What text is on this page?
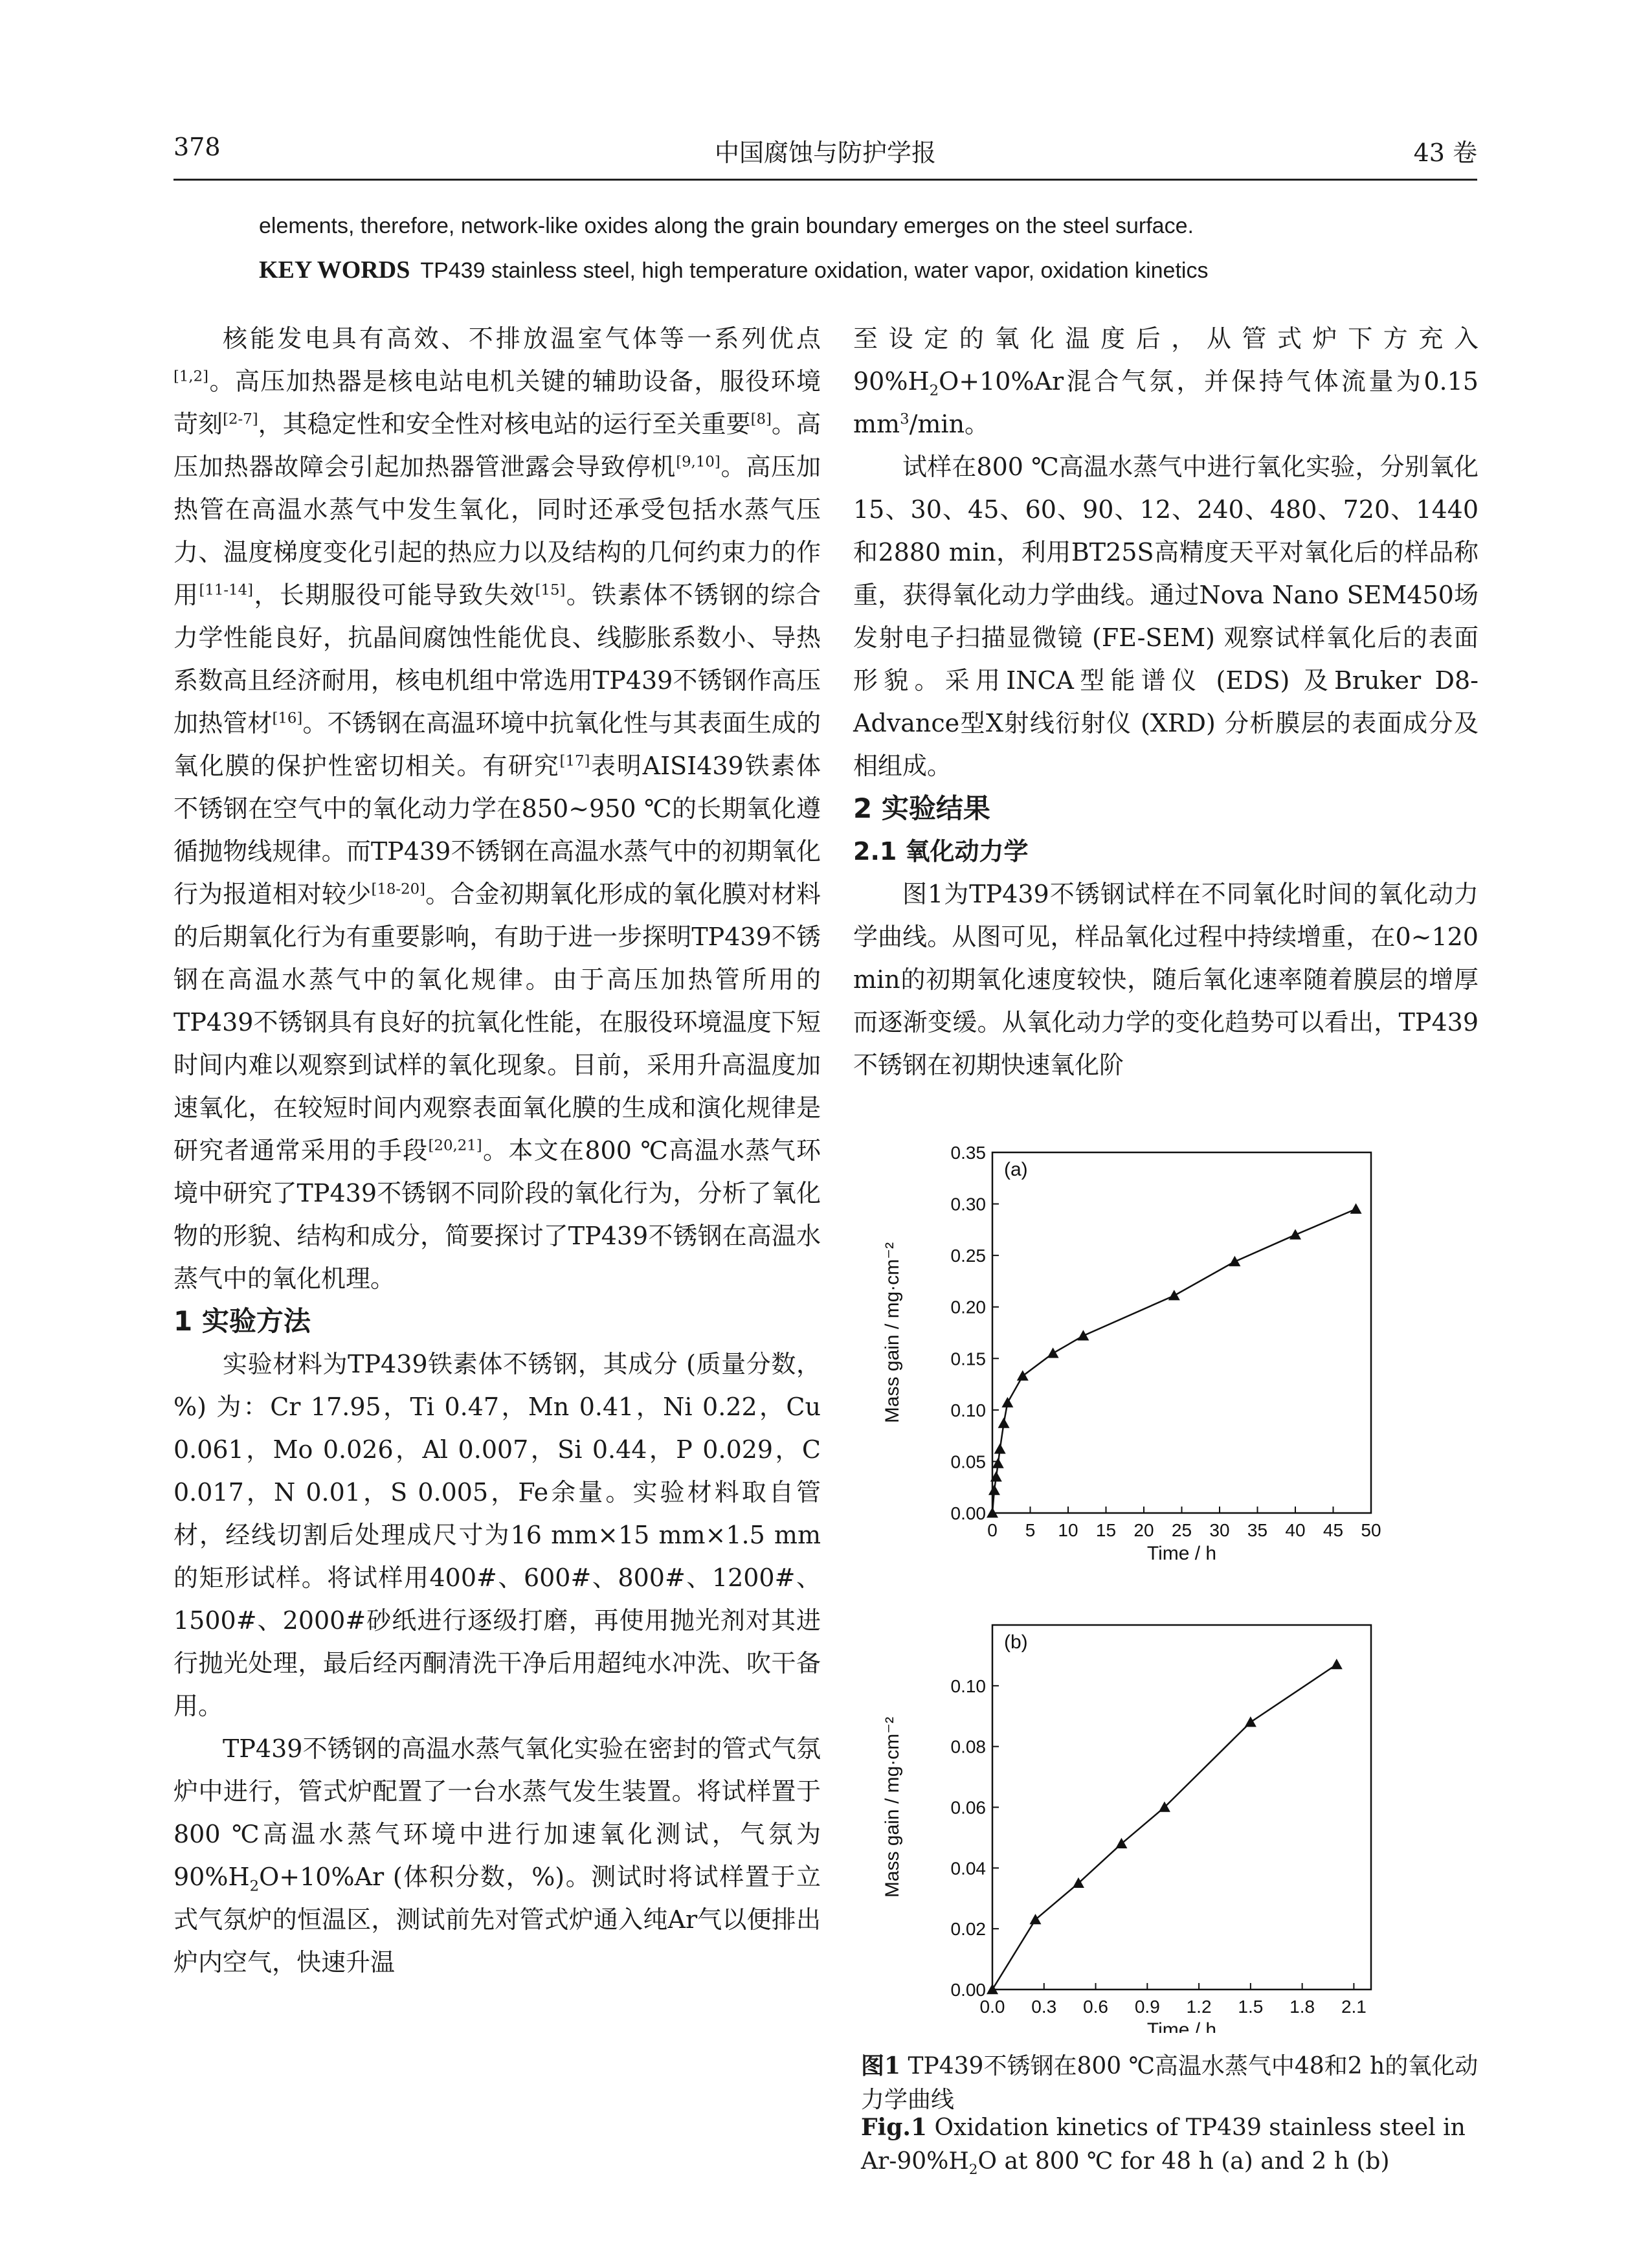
378	中国腐蚀与防护学报	43 卷
elements, therefore, network-like oxides along the grain boundary emerges on the steel surface.
KEY WORDS TP439 stainless steel, high temperature oxidation, water vapor, oxidation kinetics

核能发电具有高效、不排放温室气体等一系列优点[1,2]。高压加热器是核电站电机关键的辅助设备，服役环境苛刻[2-7]，其稳定性和安全性对核电站的运行至关重要[8]。高压加热器故障会引起加热器管泄露会导致停机[9,10]。高压加热管在高温水蒸气中发生氧化，同时还承受包括水蒸气压力、温度梯度变化引起的热应力以及结构的几何约束力的作用[11-14]，长期服役可能导致失效[15]。铁素体不锈钢的综合力学性能良好，抗晶间腐蚀性能优良、线膨胀系数小、导热系数高且经济耐用，核电机组中常选用TP439不锈钢作高压加热管材[16]。不锈钢在高温环境中抗氧化性与其表面生成的氧化膜的保护性密切相关。有研究[17]表明AISI439铁素体不锈钢在空气中的氧化动力学在850~950 ℃的长期氧化遵循抛物线规律。而TP439不锈钢在高温水蒸气中的初期氧化行为报道相对较少[18-20]。合金初期氧化形成的氧化膜对材料的后期氧化行为有重要影响，有助于进一步探明TP439不锈钢在高温水蒸气中的氧化规律。由于高压加热管所用的TP439不锈钢具有良好的抗氧化性能，在服役环境温度下短时间内难以观察到试样的氧化现象。目前，采用升高温度加速氧化，在较短时间内观察表面氧化膜的生成和演化规律是研究者通常采用的手段[20,21]。本文在800 ℃高温水蒸气环境中研究了TP439不锈钢不同阶段的氧化行为，分析了氧化物的形貌、结构和成分，简要探讨了TP439不锈钢在高温水蒸气中的氧化机理。

1 实验方法

实验材料为TP439铁素体不锈钢，其成分 (质量分数，%) 为：Cr 17.95，Ti 0.47，Mn 0.41，Ni 0.22，Cu 0.061，Mo 0.026，Al 0.007，Si 0.44，P 0.029，C 0.017，N 0.01，S 0.005，Fe余量。实验材料取自管材，经线切割后处理成尺寸为16 mm×15 mm×1.5 mm的矩形试样。将试样用400#、600#、800#、1200#、1500#、2000#砂纸进行逐级打磨，再使用抛光剂对其进行抛光处理，最后经丙酮清洗干净后用超纯水冲洗、吹干备用。

TP439不锈钢的高温水蒸气氧化实验在密封的管式气氛炉中进行，管式炉配置了一台水蒸气发生装置。将试样置于800 ℃高温水蒸气环境中进行加速氧化测试，气氛为$90\%H_2O+10\%Ar$ (体积分数，%)。测试时将试样置于立式气氛炉的恒温区，测试前先对管式炉通入纯Ar气以便排出炉内空气，快速升温

至设定的氧化温度后，从管式炉下方充入$90\%H_2O+10\%Ar$混合气氛，并保持气体流量为0.15 $mm^3/\min$。

试样在800 ℃高温水蒸气中进行氧化实验，分别氧化15、30、45、60、90、12、240、480、720、1440和2880 min，利用BT25S高精度天平对氧化后的样品称重，获得氧化动力学曲线。通过Nova Nano SEM450场发射电子扫描显微镜 (FE-SEM) 观察试样氧化后的表面形貌。采用INCA型能谱仪 (EDS) 及Bruker D8-Advance型X射线衍射仪 (XRD) 分析膜层的表面成分及相组成。

2 实验结果

2.1 氧化动力学

图1为TP439不锈钢试样在不同氧化时间的氧化动力学曲线。从图可见，样品氧化过程中持续增重，在0~120 min的初期氧化速度较快，随后氧化速率随着膜层的增厚而逐渐变缓。从氧化动力学的变化趋势可以看出，TP439不锈钢在初期快速氧化阶

0 5 10 15 20 25 30 35 40 45 50
0.00
0.05
0.10
0.15
0.20
0.25
0.30
0.35
Time / h
Mass gain / mg·cm⁻²
(a)
0.0 0.3 0.6 0.9 1.2 1.5 1.8 2.1
0.00
0.02
0.04
0.06
0.08
0.10
Time / h
Mass gain / mg·cm⁻²
(b)
图1 TP439不锈钢在800 ℃高温水蒸气中48和2 h的氧化动力学曲线
Fig.1 Oxidation kinetics of TP439 stainless steel in $Ar-90\%H_2O$ at 800 ℃ for 48 h (a) and 2 h (b)
